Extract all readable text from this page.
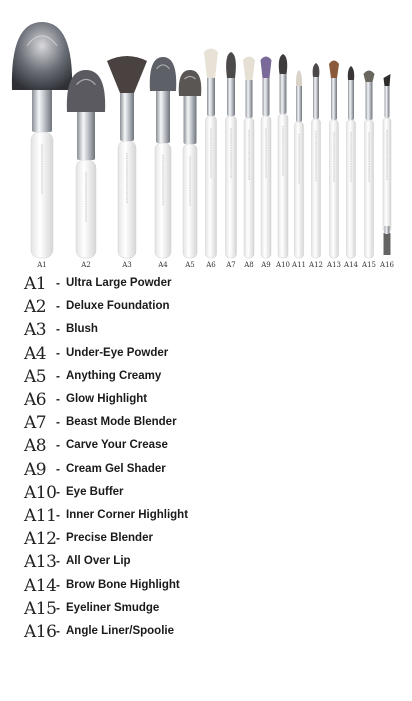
A1	A2	A3	A4 A5 A6 A7 A8 A9 A10 A11 A12 A13 A14 A15 A16
A1 - Ultra Large Powder
A2 - Deluxe Foundation
A3 - Blush
A4 - Under-Eye Powder
A5 - Anything Creamy
A6 - Glow Highlight
A7 - Beast Mode Blender
A8 - Carve Your Crease
A9 - Cream Gel Shader
A10 - Eye Buffer
A11 - Inner Corner Highlight
A12 - Precise Blender
A13 - All Over Lip
A14 - Brow Bone Highlight
A15 - Eyeliner Smudge
A16 - Angle Liner/Spoolie
